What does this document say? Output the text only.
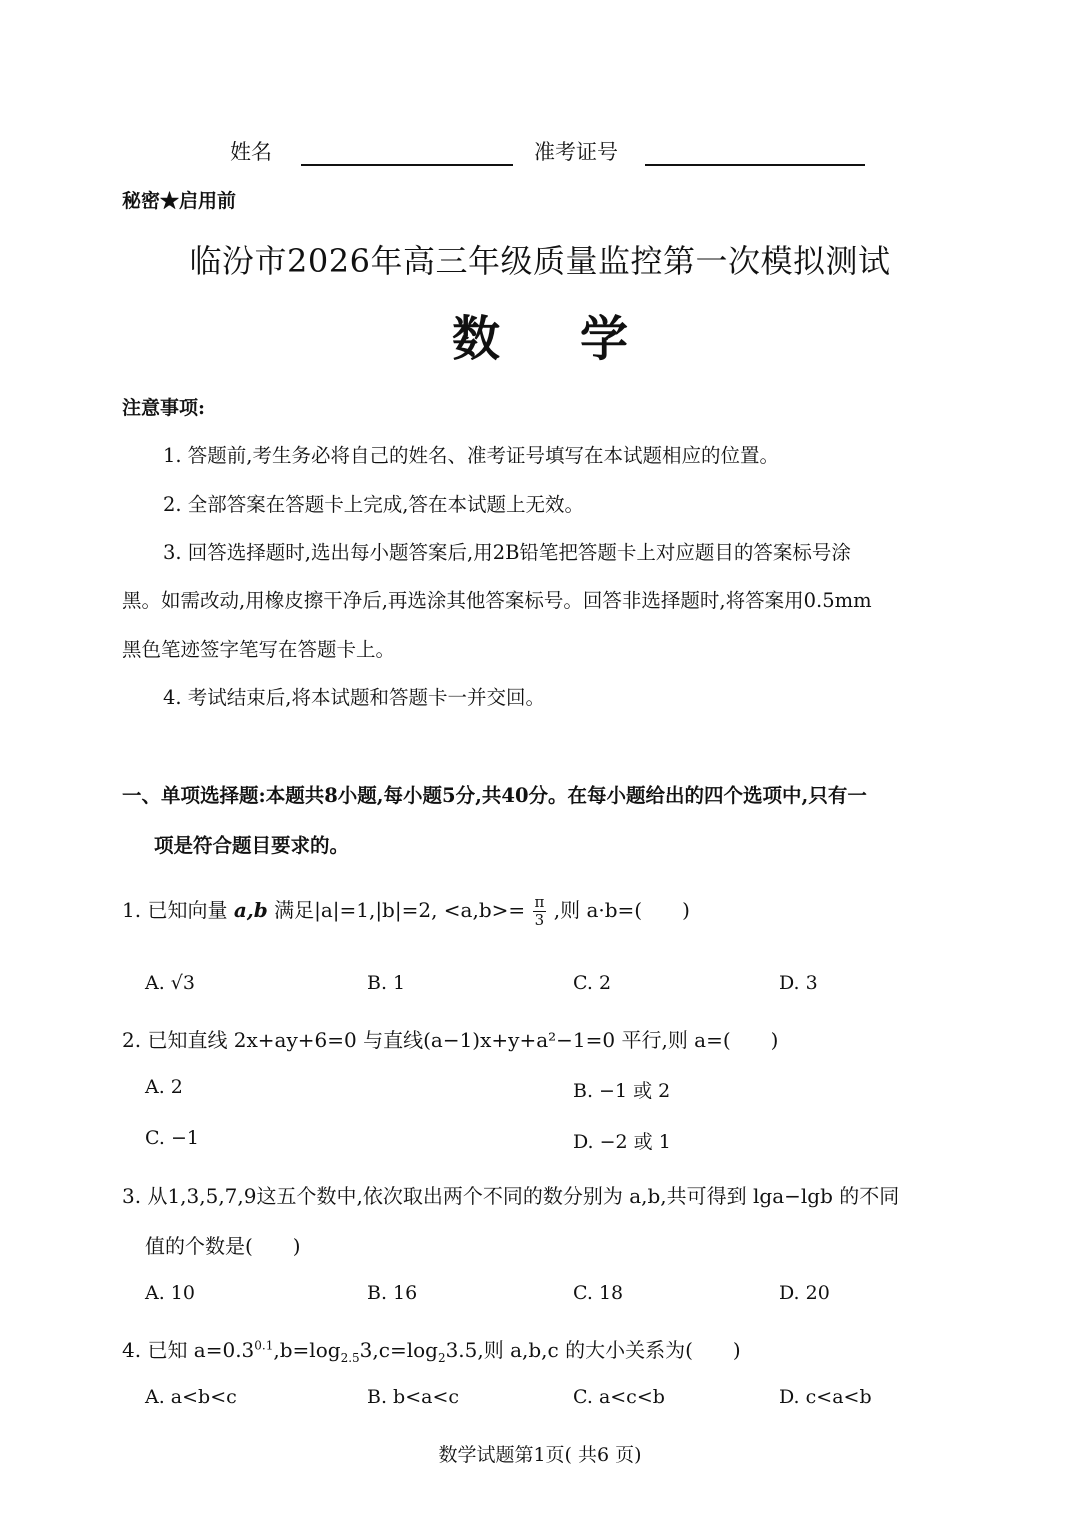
姓名	准考证号
秘密★启用前
临汾市2026年高三年级质量监控第一次模拟测试
数学
注意事项:
1. 答题前,考生务必将自己的姓名、准考证号填写在本试题相应的位置。
2. 全部答案在答题卡上完成,答在本试题上无效。
3. 回答选择题时,选出每小题答案后,用2B铅笔把答题卡上对应题目的答案标号涂
黑。如需改动,用橡皮擦干净后,再选涂其他答案标号。回答非选择题时,将答案用0.5mm
黑色笔迹签字笔写在答题卡上。
4. 考试结束后,将本试题和答题卡一并交回。
一、单项选择题:本题共8小题,每小题5分,共40分。在每小题给出的四个选项中,只有一
项是符合题目要求的。
1. 已知向量 a,b 满足|a|=1,|b|=2, $<a,b>= \frac{\pi}{3}$ ,则 a·b=(　　)
A. √3	B. 1	C. 2	D. 3
2. 已知直线 2x+ay+6=0 与直线(a−1)x+y+a²−1=0 平行,则 a=(　　)
A. 2	B. −1 或 2
C. −1	D. −2 或 1
3. 从1,3,5,7,9这五个数中,依次取出两个不同的数分别为 a,b,共可得到 lga−lgb 的不同
值的个数是(　　)
A. 10	B. 16	C. 18	D. 20
4. 已知 $a=0.3^{0.1},b=\log_{2.5}3,c=\log_23.5$,则 a,b,c 的大小关系为(　　)
A. a<b<c	B. b<a<c	C. a<c<b	D. c<a<b
数学试题第1页( 共6 页)
